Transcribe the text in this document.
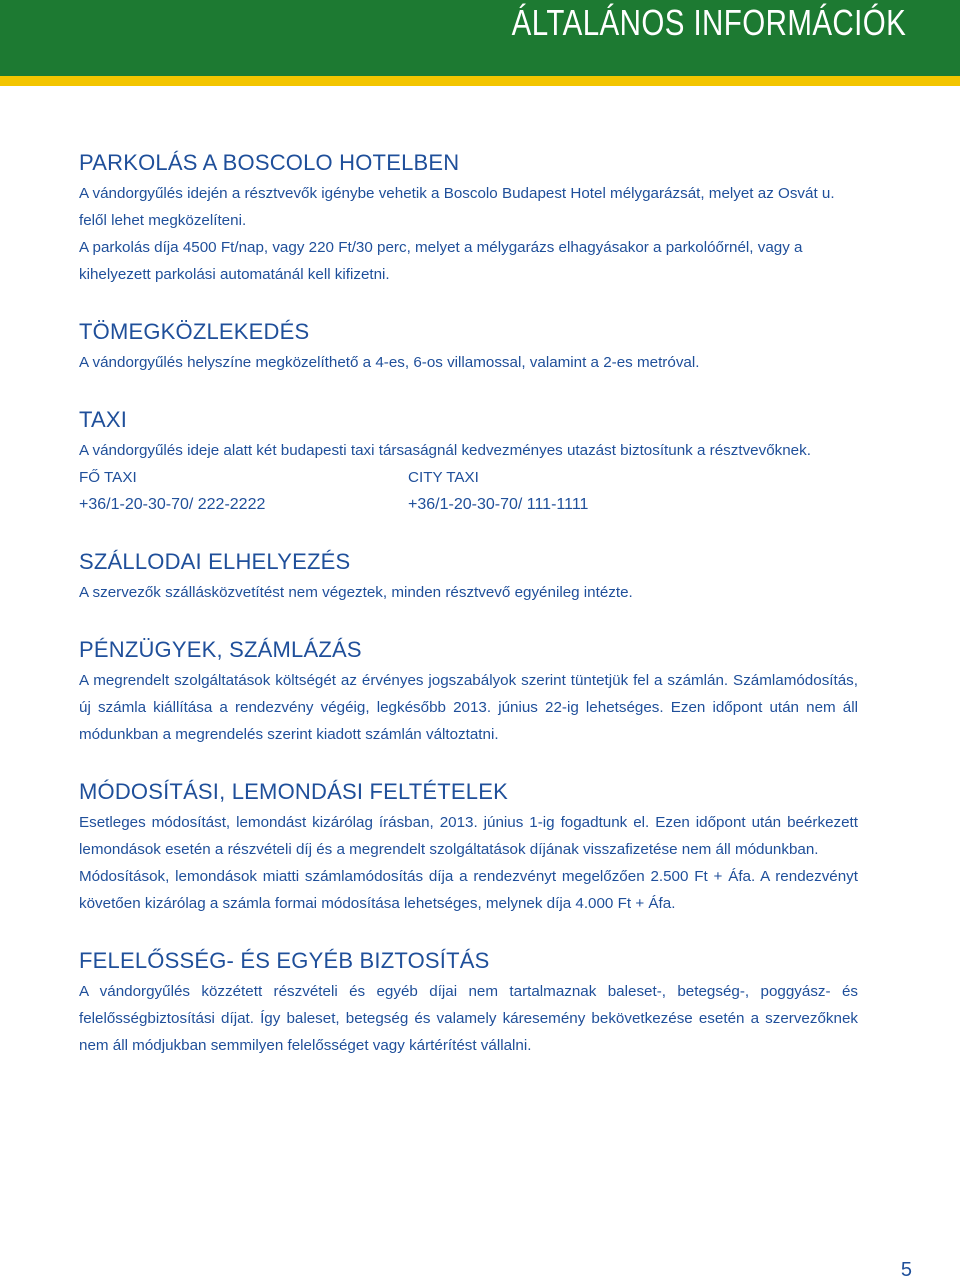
ÁLTALÁNOS INFORMÁCIÓK
PARKOLÁS A BOSCOLO HOTELBEN

A vándorgyűlés idején a résztvevők igénybe vehetik a Boscolo Budapest Hotel mélygarázsát, melyet az Osvát u. felől lehet megközelíteni.

A parkolás díja 4500 Ft/nap, vagy 220 Ft/30 perc, melyet a mélygarázs elhagyásakor a parkolóőrnél, vagy a kihelyezett parkolási automatánál kell kifizetni.

TÖMEGKÖZLEKEDÉS

A vándorgyűlés helyszíne megközelíthető a 4-es, 6-os villamossal, valamint a 2-es metróval.

TAXI

A vándorgyűlés ideje alatt két budapesti taxi társaságnál kedvezményes utazást biztosítunk a résztvevőknek.

FŐ TAXI	CITY TAXI
+36/1-20-30-70/ 222-2222	+36/1-20-30-70/ 111-1111
SZÁLLODAI ELHELYEZÉS

A szervezők szállásközvetítést nem végeztek, minden résztvevő egyénileg intézte.

PÉNZÜGYEK, SZÁMLÁZÁS

A megrendelt szolgáltatások költségét az érvényes jogszabályok szerint tüntetjük fel a számlán. Számlamódosítás, új számla kiállítása a rendezvény végéig, legkésőbb 2013. június 22-ig lehetséges. Ezen időpont után nem áll módunkban a megrendelés szerint kiadott számlán változtatni.

MÓDOSÍTÁSI, LEMONDÁSI FELTÉTELEK

Esetleges módosítást, lemondást kizárólag írásban, 2013. június 1-ig fogadtunk el. Ezen időpont után beérkezett lemondások esetén a részvételi díj és a megrendelt szolgáltatások díjának visszafizetése nem áll módunkban.

Módosítások, lemondások miatti számlamódosítás díja a rendezvényt megelőzően 2.500 Ft + Áfa. A rendezvényt követően kizárólag a számla formai módosítása lehetséges, melynek díja 4.000 Ft + Áfa.

FELELŐSSÉG- ÉS EGYÉB BIZTOSÍTÁS

A vándorgyűlés közzétett részvételi és egyéb díjai nem tartalmaznak baleset-, betegség-, poggyász- és felelősségbiztosítási díjat. Így baleset, betegség és valamely káresemény bekövetkezése esetén a szervezőknek nem áll módjukban semmilyen felelősséget vagy kártérítést vállalni.

5
